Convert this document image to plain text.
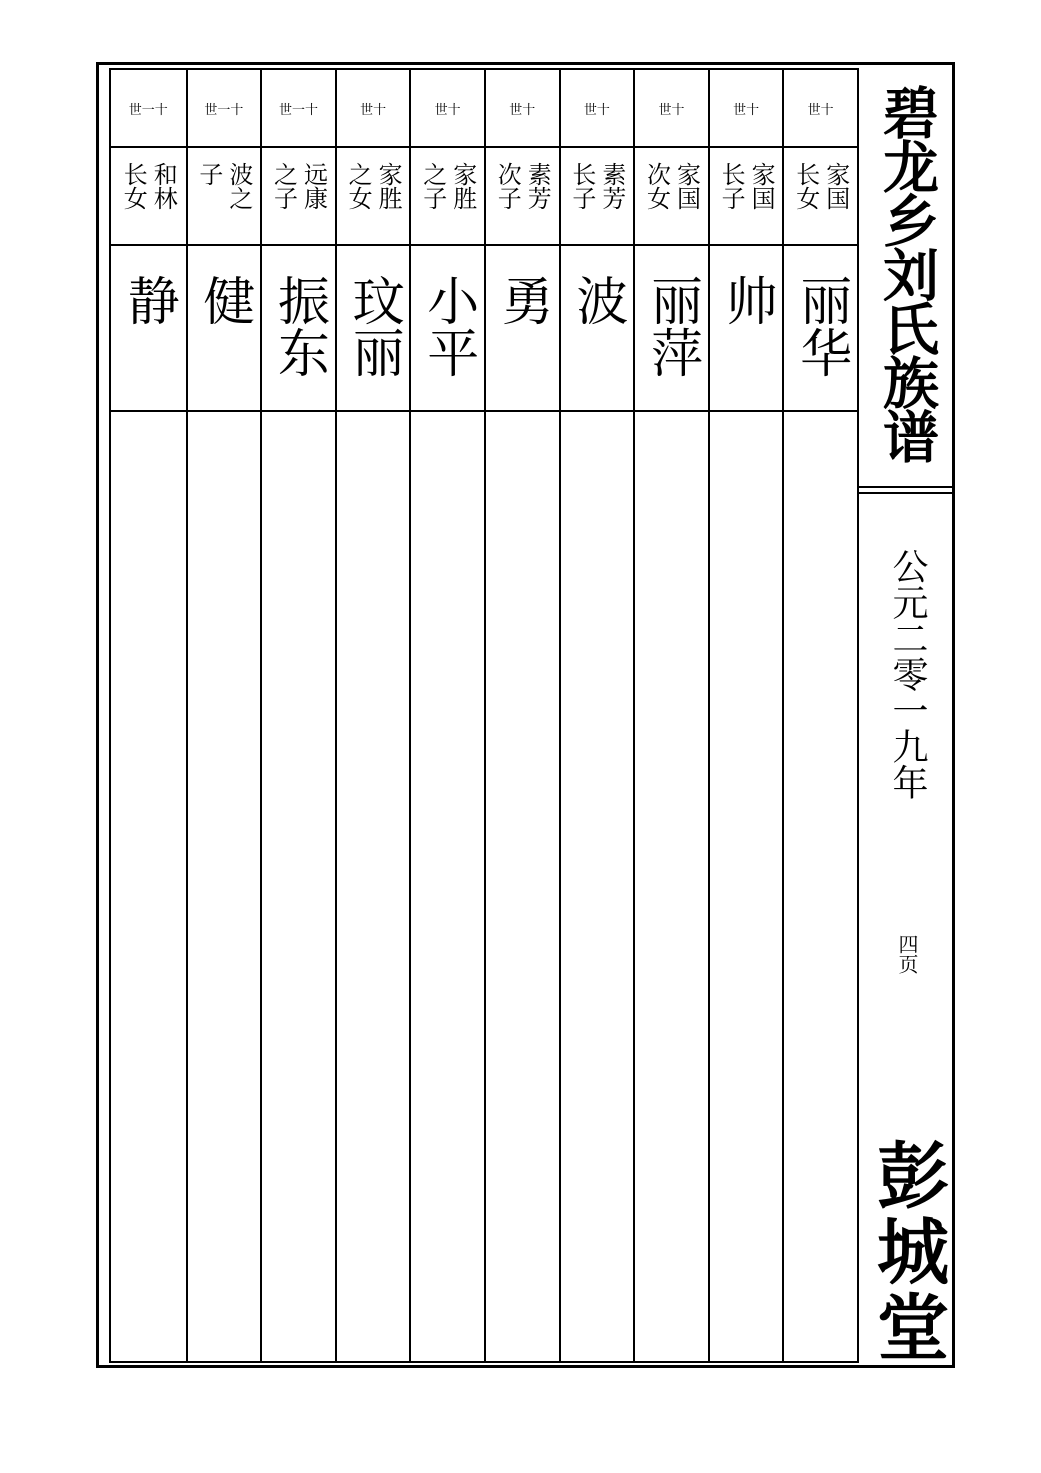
世一十
和林
长女
静
世一十
波之
子
健
世一十
远康
之子
振东
世十
家胜
之女
玟丽
世十
家胜
之子
小平
世十
素芳
次子
勇
世十
素芳
长子
波
世十
家国
次女
丽萍
世十
家国
长子
帅
世十
家国
长女
丽华 碧龙乡刘氏族谱
公元二零一九年
四页
彭城堂
